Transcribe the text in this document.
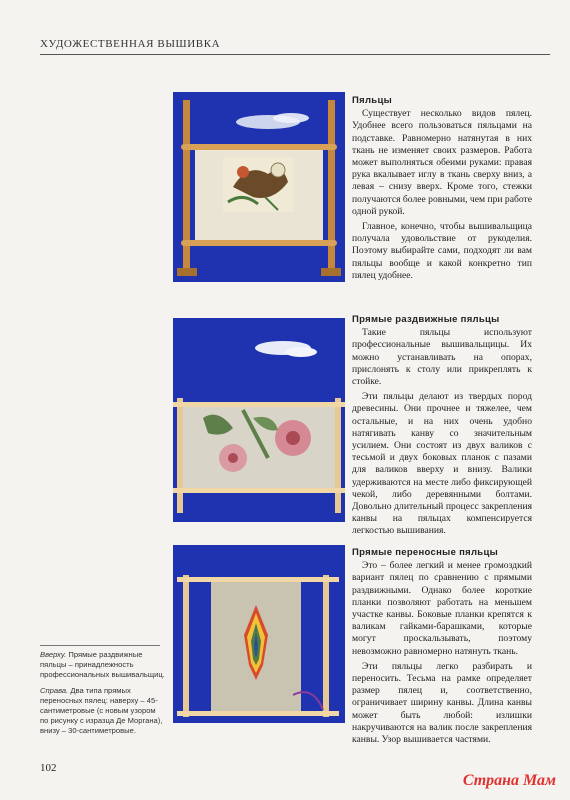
ХУДОЖЕСТВЕННАЯ ВЫШИВКА
Пяльцы

Существует несколько видов пялец. Удобнее всего пользоваться пяльцами на подставке. Равномерно натянутая в них ткань не изменяет своих размеров. Работа может выполняться обеими руками: правая рука вкалывает иглу в ткань сверху вниз, а левая – снизу вверх. Кроме того, стежки получаются более ровными, чем при работе одной рукой.

Главное, конечно, чтобы вышивальщица получала удовольствие от рукоделия. Поэтому выбирайте сами, подходят ли вам пяльцы вообще и какой конкретно тип пялец удобнее.

Прямые раздвижные пяльцы

Такие пяльцы используют профессиональные вышивальщицы. Их можно устанавливать на опорах, прислонять к столу или прикреплять к стойке.

Эти пяльцы делают из твердых пород древесины. Они прочнее и тяжелее, чем остальные, и на них очень удобно натягивать канву со значительным усилием. Они состоят из двух валиков с тесьмой и двух боковых планок с пазами для валиков вверху и внизу. Валики удерживаются на месте либо фиксирующей чекой, либо деревянными болтами. Довольно длительный процесс закрепления канвы на пяльцах компенсируется легкостью вышивания.

Прямые переносные пяльцы

Это – более легкий и менее громоздкий вариант пялец по сравнению с прямыми раздвижными. Однако более короткие планки позволяют работать на меньшем участке канвы. Боковые планки крепятся к валикам гайками-барашками, которые могут проскальзывать, поэтому невозможно равномерно натянуть ткань.

Эти пяльцы легко разбирать и переносить. Тесьма на рамке определяет размер пялец и, соответственно, ограничивает ширину канвы. Длина канвы может быть любой: излишки накручиваются на валик после закрепления канвы. Узор вышивается частями.

Вверху. Прямые раздвижные пяльцы – принадлежность профессиональных вышивальщиц.
Справа. Два типа прямых переносных пялец: наверху – 45-сантиметровые (с новым узором по рисунку с изразца Де Моргана), внизу – 30-сантиметровые.
102
Страна Мам
